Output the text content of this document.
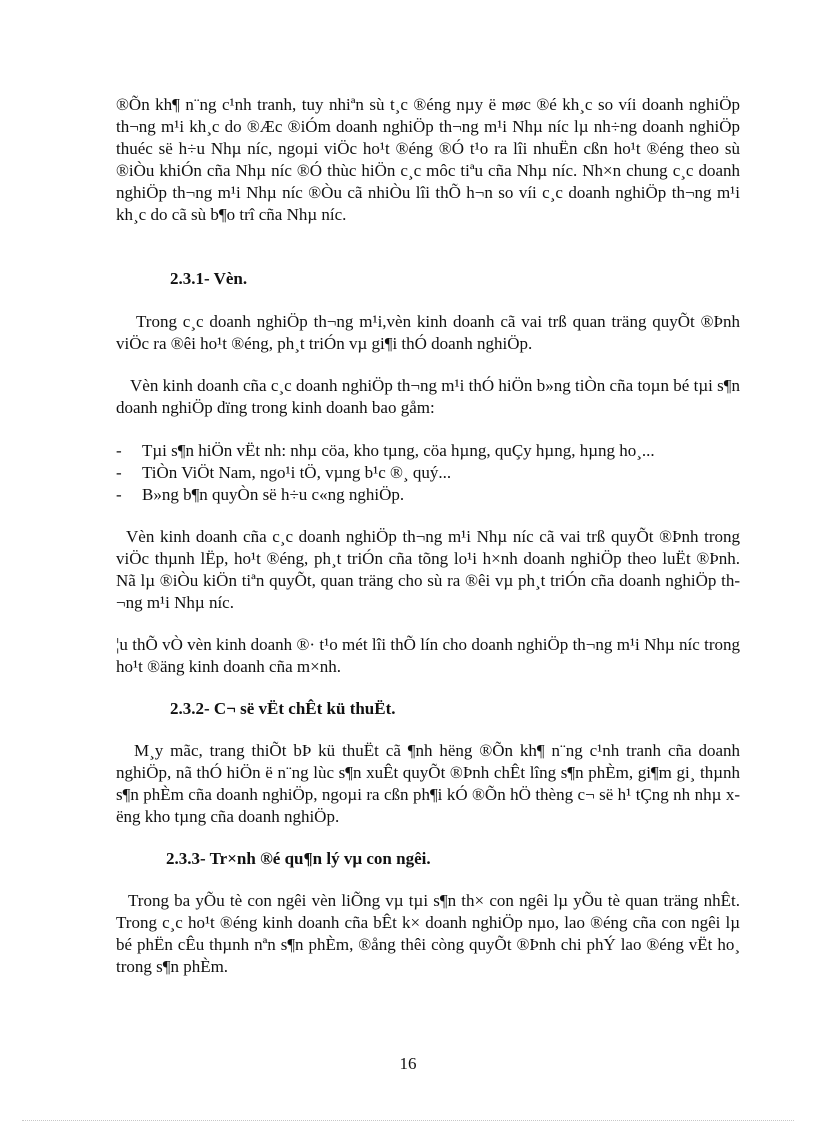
®Õn kh¶ n¨ng c¹nh tranh, tuy nhiªn sù t¸c ®éng nµy ë møc ®é kh¸c so víi doanh nghiÖp th¬ng m¹i kh¸c do ®Æc ®iÓm doanh nghiÖp th¬ng m¹i Nhµ níc lµ nh÷ng doanh nghiÖp thuéc së h÷u Nhµ níc, ngoµi viÖc ho¹t ®éng ®Ó t¹o ra lîi nhuËn cßn ho¹t ®éng theo sù ®iÒu khiÓn cña Nhµ níc ®Ó thùc hiÖn c¸c môc tiªu cña Nhµ níc. Nh×n chung c¸c doanh nghiÖp th¬ng m¹i Nhµ níc ®Òu cã nhiÒu lîi thÕ h¬n so víi c¸c doanh nghiÖp th¬ng m¹i kh¸c do cã sù b¶o trî cña Nhµ níc.

2.3.1- Vèn.

Trong c¸c doanh nghiÖp th¬ng m¹i,vèn kinh doanh cã vai trß quan träng quyÕt ®Þnh viÖc ra ®êi ho¹t ®éng, ph¸t triÓn vµ gi¶i thÓ doanh nghiÖp.

Vèn kinh doanh cña c¸c doanh nghiÖp th¬ng m¹i thÓ hiÖn b»ng tiÒn cña toµn bé tµi s¶n doanh nghiÖp dïng trong kinh doanh bao gåm:

- Tµi s¶n hiÖn vËt nh: nhµ cöa, kho tµng, cöa hµng, quÇy hµng, hµng ho¸...
- TiÒn ViÖt Nam, ngo¹i tÖ, vµng b¹c ®¸ quý...
- B»ng b¶n quyÒn së h÷u c«ng nghiÖp.

Vèn kinh doanh cña c¸c doanh nghiÖp th¬ng m¹i Nhµ níc cã vai trß quyÕt ®Þnh trong viÖc thµnh lËp, ho¹t ®éng, ph¸t triÓn cña tõng lo¹i h×nh doanh nghiÖp theo luËt ®Þnh. Nã lµ ®iÒu kiÖn tiªn quyÕt, quan träng cho sù ra ®êi vµ ph¸t triÓn cña doanh nghiÖp th¬ng m¹i Nhµ níc.

¦u thÕ vÒ vèn kinh doanh ®· t¹o mét lîi thÕ lín cho doanh nghiÖp th¬ng m¹i Nhµ níc trong ho¹t ®äng kinh doanh cña m×nh.

2.3.2- C¬ së vËt chÊt kü thuËt.

M¸y mãc, trang thiÕt bÞ kü thuËt cã ¶nh hëng ®Õn kh¶ n¨ng c¹nh tranh cña doanh nghiÖp, nã thÓ hiÖn ë n¨ng lùc s¶n xuÊt quyÕt ®Þnh chÊt lîng s¶n phÈm, gi¶m gi¸ thµnh s¶n phÈm cña doanh nghiÖp, ngoµi ra cßn ph¶i kÓ ®Õn hÖ thèng c¬ së h¹ tÇng nh nhµ xëng kho tµng cña doanh nghiÖp.

2.3.3- Tr×nh ®é qu¶n lý vµ con ngêi.

Trong ba yÕu tè con ngêi vèn liÕng vµ tµi s¶n th× con ngêi lµ yÕu tè quan träng nhÊt. Trong c¸c ho¹t ®éng kinh doanh cña bÊt k× doanh nghiÖp nµo, lao ®éng cña con ngêi lµ bé phËn cÊu thµnh nªn s¶n phÈm, ®ång thêi còng quyÕt ®Þnh chi phÝ lao ®éng vËt ho¸ trong s¶n phÈm.

16
